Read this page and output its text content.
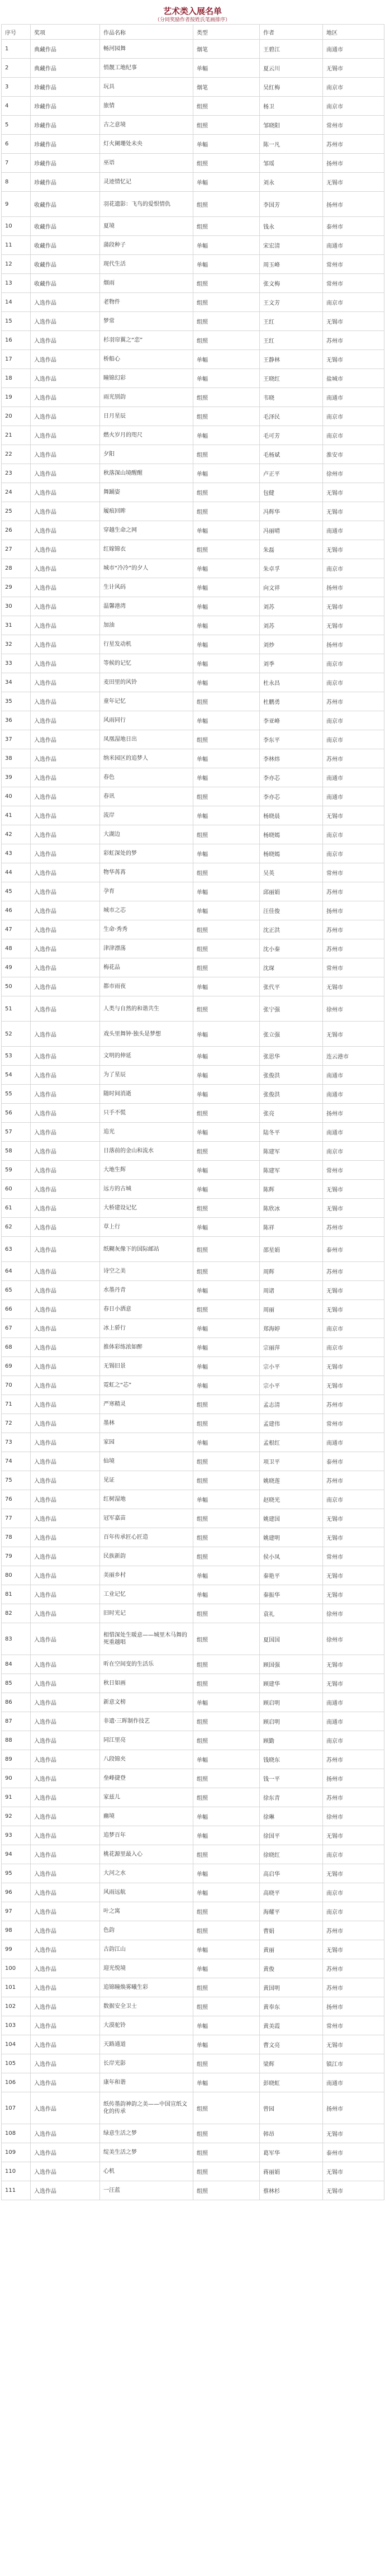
艺术类入展名单
（分同奖励作者按姓氏笔画排序）
序号	奖项	作品名称	类型	作者	地区
1	典藏作品	畅河园舞	烟笔	王碧江	南通市
2	典藏作品	悄靓工地纪事	单幅	夏云川	无锡市
3	珍藏作品	玩具	烟笔	吴红梅	南京市
4	珍藏作品	旅情	组照	杨卫	南京市
5	珍藏作品	古之意境	组照	邹晓阳	常州市
6	珍藏作品	灯火阑珊处未央	单幅	陈一凡	苏州市
7	珍藏作品	巫语	组照	邹瑶	扬州市
8	珍藏作品	灵迹情忆记	单幅	刘永	无锡市
9	收藏作品	羽花遗影：飞鸟的爱恨情仇	组照	李国芳	扬州市
10	收藏作品	夏境	组照	钱永	泰州市
11	收藏作品	蒲段种子	单幅	宋宏清	南通市
12	收藏作品	现代生活	单幅	周玉峰	常州市
13	收藏作品	烟雨	组照	张文梅	常州市
14	入选作品	老物件	组照	王文芳	南京市
15	入选作品	梦常	组照	王红	无锡市
16	入选作品	杉羽帘翼之“恋”	组照	王红	苏州市
17	入选作品	桥船心	单幅	王静林	无锡市
18	入选作品	瞳锦幻彩	单幅	王晓红	盐城市
19	入选作品	雨光别韵	组照	韦晓	南通市
20	入选作品	日月星辰	组照	毛泽民	南京市
21	入选作品	燃火岁月的咫尺	单幅	毛可芳	南京市
22	入选作品	夕阳	组照	毛杨斌	淮安市
23	入选作品	秋落深山境醒醒	单幅	卢正平	徐州市
24	入选作品	舞踊姿	组照	包健	无锡市
25	入选作品	履痕回眸	组照	冯辉华	无锡市
26	入选作品	穿越生命之网	单幅	冯丽晴	南通市
27	入选作品	红嫁锦衣	组照	朱磊	无锡市
28	入选作品	城市“冷冷”的夕人	单幅	朱卓孚	南京市
29	入选作品	生计风码	单幅	向文祥	扬州市
30	入选作品	温馨港湾	单幅	刘苏	无锡市
31	入选作品	加油	单幅	刘苏	无锡市
32	入选作品	行星发动机	单幅	刘炒	扬州市
33	入选作品	等候的记忆	单幅	刘季	南京市
34	入选作品	麦田里的风铃	单幅	杜永昌	南京市
35	入选作品	童年记忆	组照	杜鹏勇	苏州市
36	入选作品	风雨同行	单幅	李亚峰	南京市
37	入选作品	凤凰湿地日出	组照	李东平	南京市
38	入选作品	纳米园区的追梦人	单幅	李林炜	苏州市
39	入选作品	春色	单幅	李亦芯	南通市
40	入选作品	春讯	组照	李亦芯	南通市
41	入选作品	流岸	单幅	杨晓晨	无锡市
42	入选作品	大湖边	组照	杨晓嫣	南京市
43	入选作品	彩虹深处的梦	单幅	杨晓嫣	南京市
44	入选作品	物华苒苒	组照	吴英	常州市
45	入选作品	孕育	单幅	邱丽娟	苏州市
46	入选作品	城市之芯	单幅	汪佳俊	扬州市
47	入选作品	生命·秀秀	组照	沈正洪	苏州市
48	入选作品	津津漂荡	组照	沈小秦	苏州市
49	入选作品	梅花品	组照	沈琛	常州市
50	入选作品	都市雨夜	单幅	张代平	无锡市
51	入选作品	人类与自然的和谐共生	组照	张宁强	徐州市
52	入选作品	戏头里舞钟·独头是梦想	单幅	张立强	无锡市
53	入选作品	文明的伸延	单幅	张思华	连云港市
54	入选作品	为了星辰	单幅	张俊洪	南通市
55	入选作品	随时间消逝	单幅	张俊洪	南通市
56	入选作品	只手不慌	组照	张亮	扬州市
57	入选作品	追光	单幅	陆冬平	南通市
58	入选作品	日落前的金山和流水	组照	陈建军	南京市
59	入选作品	大地生辉	单幅	陈建军	常州市
60	入选作品	远方的古城	单幅	陈辉	无锡市
61	入选作品	大桥建设记忆	组照	陈欣冰	无锡市
62	入选作品	草上行	单幅	陈祥	苏州市
63	入选作品	纸糊灰像下的国际邮站	组照	邵星娟	泰州市
64	入选作品	诗空之美	组照	周辉	苏州市
65	入选作品	水墨丹青	单幅	周诸	无锡市
66	入选作品	春日小洒意	组照	周丽	无锡市
67	入选作品	冰上骄行	单幅	郑海婷	南京市
68	入选作品	推体彩练浓如醉	单幅	宗丽萍	南京市
69	入选作品	无锡旧景	单幅	宗小平	无锡市
70	入选作品	霓虹之“芯”	单幅	宗小平	无锡市
71	入选作品	严寒精灵	组照	孟志清	苏州市
72	入选作品	墨林	组照	孟建伟	常州市
73	入选作品	家园	单幅	孟根红	南通市
74	入选作品	仙境	组照	项卫平	泰州市
75	入选作品	见证	组照	姚晓莲	苏州市
76	入选作品	红树湿地	单幅	赵晓光	南京市
77	入选作品	冠军嘉苗	组照	姚建国	无锡市
78	入选作品	百年传承匠心匠造	组照	姚建明	无锡市
79	入选作品	民族新韵	组照	侯小凤	常州市
80	入选作品	美丽乡村	单幅	秦艳平	无锡市
81	入选作品	工业记忆	单幅	秦振华	无锡市
82	入选作品	旧时光记	组照	袁礼	徐州市
83	入选作品	相惜深处生暖意——城里木马舞的死重越唱	组照	夏国国	徐州市
84	入选作品	听在空间变的生活乐	组照	顾国强	无锡市
85	入选作品	秋日如画	组照	顾建华	无锡市
86	入选作品	新意文榜	单幅	顾启明	南通市
87	入选作品	非遗·三晖制作技艺	组照	顾启明	南通市
88	入选作品	同江里亮	组照	顾勤	南京市
89	入选作品	八段锦夹	单幅	钱晓东	苏州市
90	入选作品	垒峰捷登	组照	钱一平	扬州市
91	入选作品	家兹儿	组照	徐东青	苏州市
92	入选作品	幽境	单幅	徐琳	徐州市
93	入选作品	追梦百年	单幅	徐国平	无锡市
94	入选作品	桃花源里最入心	组照	徐晓红	南京市
95	入选作品	大河之水	单幅	高启华	无锡市
96	入选作品	风雨远航	单幅	高晓平	南京市
97	入选作品	叶之寓	组照	海耀平	南京市
98	入选作品	色韵	组照	曹娟	苏州市
99	入选作品	古韵江山	单幅	黄丽	无锡市
100	入选作品	迎光悦境	单幅	黄俊	苏州市
101	入选作品	追锦瞳焕雾曦生彩	组照	黄国明	苏州市
102	入选作品	数据安全卫士	组照	黄奉东	扬州市
103	入选作品	大漠驼铃	单幅	黄美霞	常州市
104	入选作品	天路通道	单幅	曹文亮	无锡市
105	入选作品	长岸光影	组照	梁辉	镇江市
106	入选作品	康年和谐	单幅	彭晓虹	南通市
107	入选作品	纸传墨韵神韵之美——中国宣纸文化的传承	组照	曾园	扬州市
108	入选作品	绿意生活之梦	组照	韩昂	无锡市
109	入选作品	绽美生活之梦	组照	葛军华	泰州市
110	入选作品	心机	组照	蒋丽娟	无锡市
111	入选作品	一汪蓝	组照	蔡林杉	无锡市
